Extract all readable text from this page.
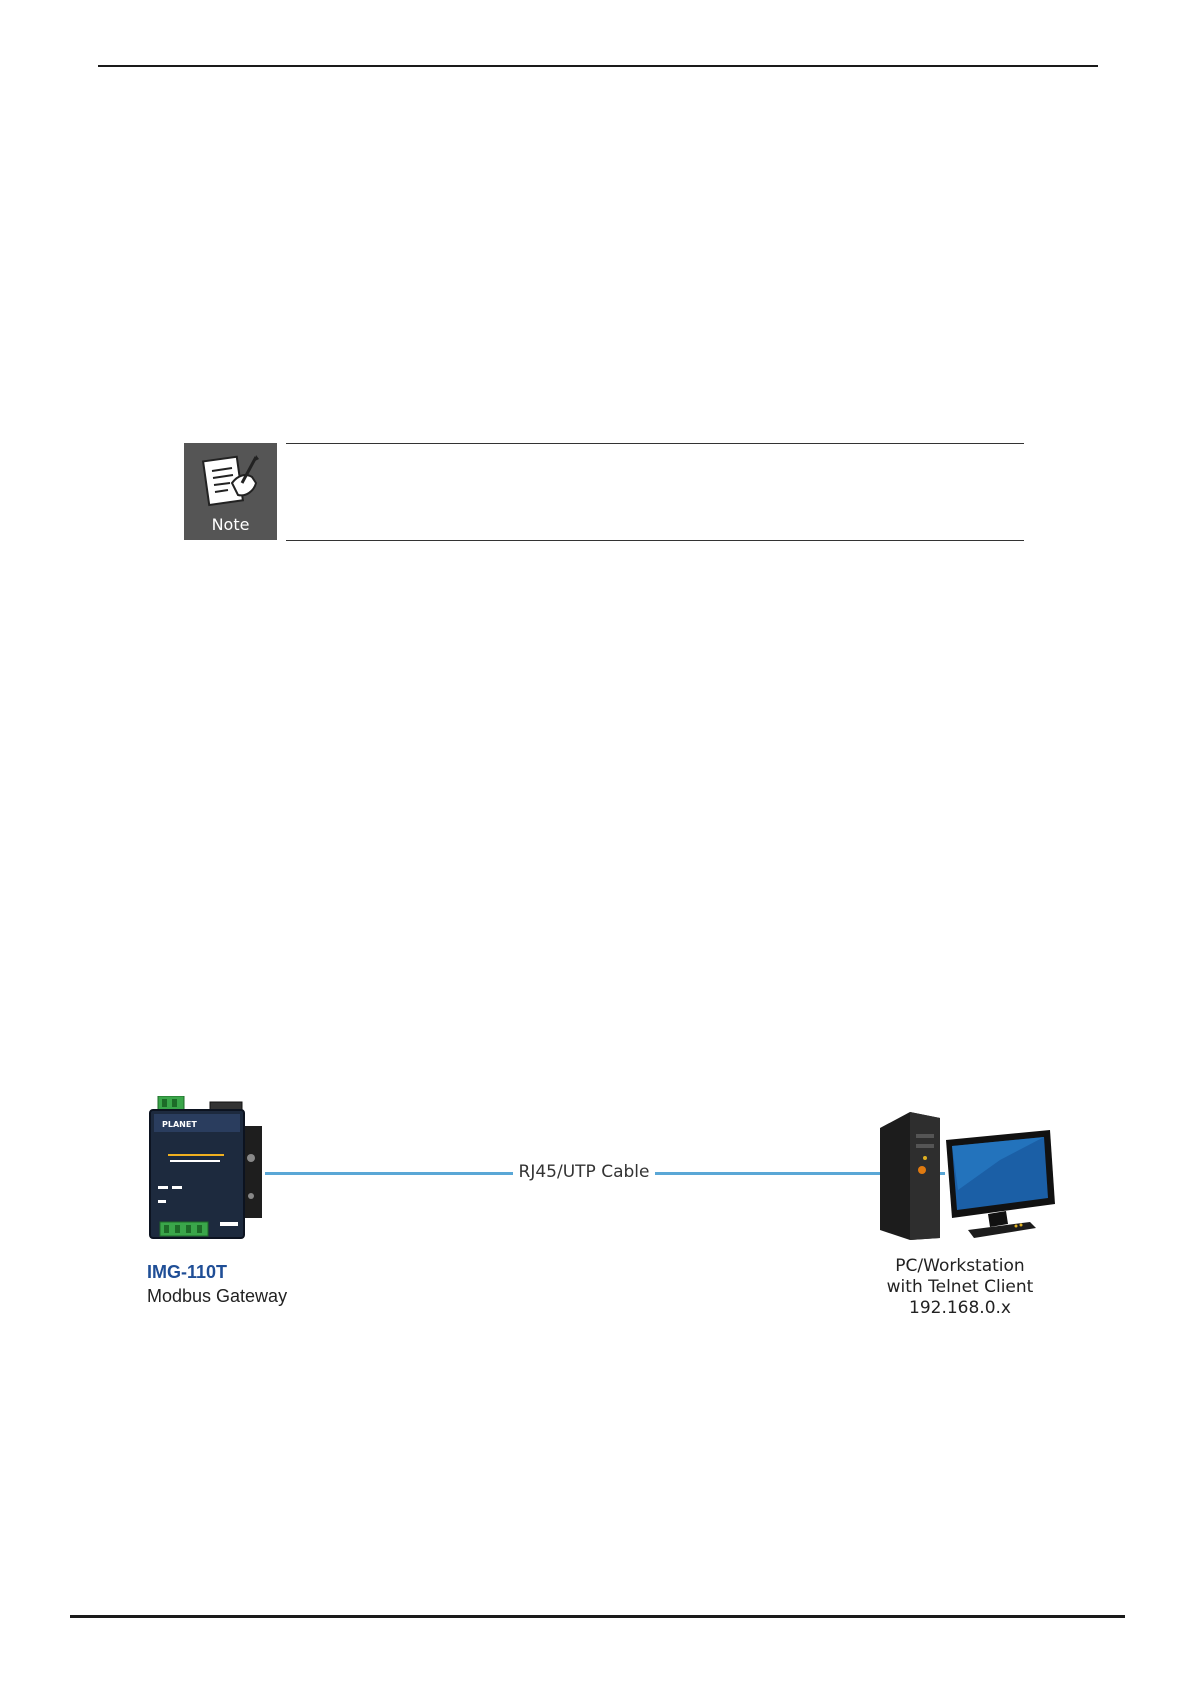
Note
PLANET
RJ45/UTP Cable
IMG-110T
Modbus Gateway
PC/Workstation
with Telnet Client
192.168.0.x
